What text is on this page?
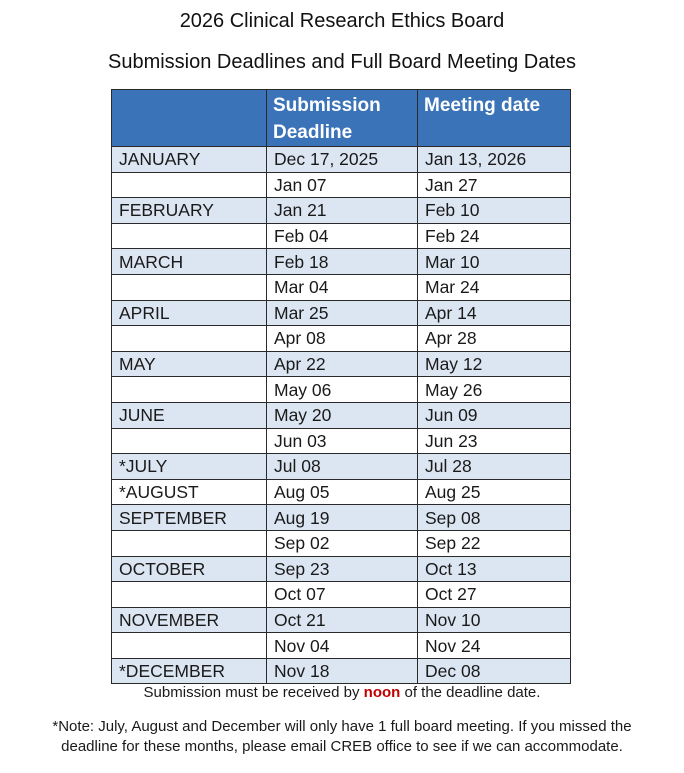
2026 Clinical Research Ethics Board
Submission Deadlines and Full Board Meeting Dates
	Submission Deadline	Meeting date
JANUARY	Dec 17, 2025	Jan 13, 2026
	Jan 07	Jan 27
FEBRUARY	Jan 21	Feb 10
	Feb 04	Feb 24
MARCH	Feb 18	Mar 10
	Mar 04	Mar 24
APRIL	Mar 25	Apr 14
	Apr 08	Apr 28
MAY	Apr 22	May 12
	May 06	May 26
JUNE	May 20	Jun 09
	Jun 03	Jun 23
*JULY	Jul 08	Jul 28
*AUGUST	Aug 05	Aug 25
SEPTEMBER	Aug 19	Sep 08
	Sep 02	Sep 22
OCTOBER	Sep 23	Oct 13
	Oct 07	Oct 27
NOVEMBER	Oct 21	Nov 10
	Nov 04	Nov 24
*DECEMBER	Nov 18	Dec 08
Submission must be received by noon of the deadline date.
*Note: July, August and December will only have 1 full board meeting. If you missed the
deadline for these months, please email CREB office to see if we can accommodate.
